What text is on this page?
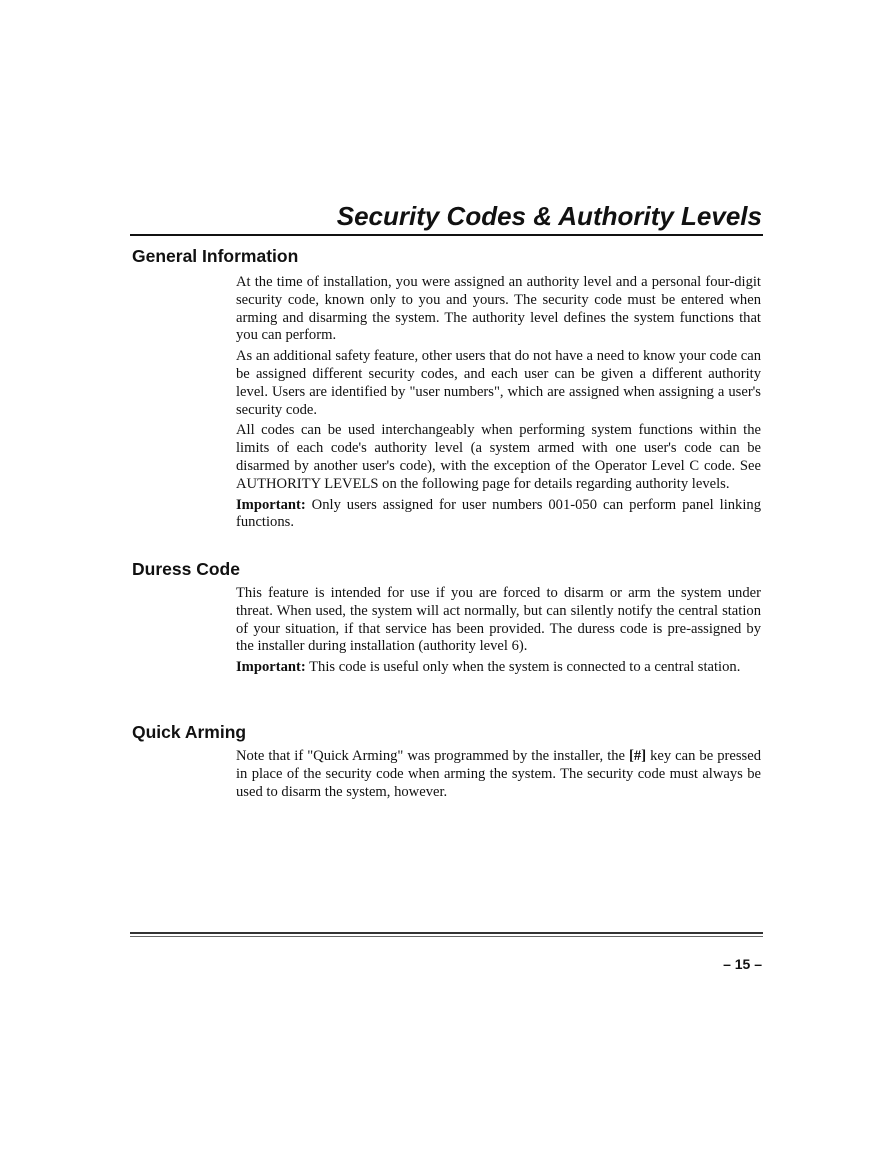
Security Codes & Authority Levels
General Information

At the time of installation, you were assigned an authority level and a personal four-digit security code, known only to you and yours. The security code must be entered when arming and disarming the system. The authority level defines the system functions that you can perform.

As an additional safety feature, other users that do not have a need to know your code can be assigned different security codes, and each user can be given a different authority level. Users are identified by "user numbers", which are assigned when assigning a user's security code.

All codes can be used interchangeably when performing system functions within the limits of each code's authority level (a system armed with one user's code can be disarmed by another user's code), with the exception of the Operator Level C code. See AUTHORITY LEVELS on the following page for details regarding authority levels.

Important: Only users assigned for user numbers 001-050 can perform panel linking functions.

Duress Code

This feature is intended for use if you are forced to disarm or arm the system under threat. When used, the system will act normally, but can silently notify the central station of your situation, if that service has been provided. The duress code is pre-assigned by the installer during installation (authority level 6).

Important: This code is useful only when the system is connected to a central station.

Quick Arming

Note that if "Quick Arming" was programmed by the installer, the [#] key can be pressed in place of the security code when arming the system. The security code must always be used to disarm the system, however.

– 15 –
